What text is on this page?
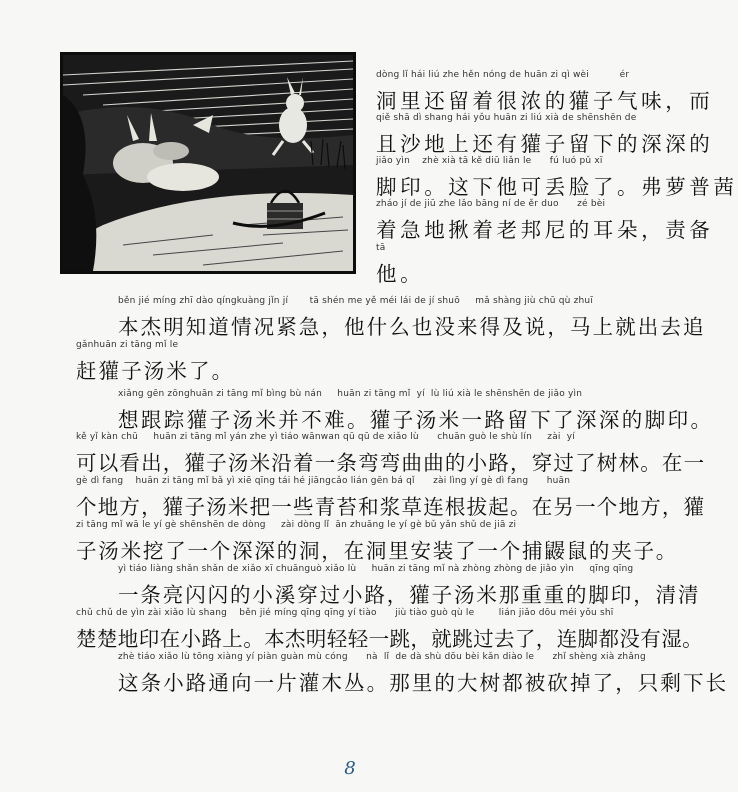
dòng lǐ hái liú zhe hěn nóng de huān zi qì wèi          ér
洞里还留着很浓的獾子气味，而
qiě shā dì shang hái yǒu huān zi liú xià de shēnshēn de
且沙地上还有獾子留下的深深的
jiǎo yìn    zhè xià tā kě diū liǎn le      fú luó pǔ xī
脚印。这下他可丢脸了。弗萝普茜
zháo jí de jiū zhe lǎo bāng ní de ěr duo      zé bèi
着急地揪着老邦尼的耳朵，责备
tā
他。
běn jié míng zhī dào qíngkuàng jǐn jí       tā shén me yě méi lái de jí shuō     mǎ shàng jiù chū qù zhuī
本杰明知道情况紧急，他什么也没来得及说，马上就出去追
gǎnhuān zi tāng mǐ le
赶獾子汤米了。
xiǎng gēn zōnghuān zi tāng mǐ bìng bù nán     huān zi tāng mǐ  yí  lù liú xià le shēnshēn de jiǎo yìn
想跟踪獾子汤米并不难。獾子汤米一路留下了深深的脚印。
kě yǐ kàn chū     huān zi tāng mǐ yán zhe yì tiáo wānwan qū qū de xiǎo lù      chuān guò le shù lín     zài  yí
可以看出，獾子汤米沿着一条弯弯曲曲的小路，穿过了树林。在一
gè dì fang    huān zi tāng mǐ bǎ yì xiē qīng tái hé jiāngcǎo lián gēn bá qǐ      zài lìng yí gè dì fang      huān
个地方，獾子汤米把一些青苔和浆草连根拔起。在另一个地方，獾
zi tāng mǐ wā le yí gè shēnshēn de dòng     zài dòng lǐ  ān zhuāng le yí gè bǔ yǎn shǔ de jiā zi
子汤米挖了一个深深的洞，在洞里安装了一个捕鼹鼠的夹子。
yì tiáo liàng shǎn shǎn de xiǎo xī chuānguò xiǎo lù     huān zi tāng mǐ nà zhòng zhòng de jiǎo yìn     qīng qīng
一条亮闪闪的小溪穿过小路，獾子汤米那重重的脚印，清清
chǔ chǔ de yìn zài xiǎo lù shang    běn jié míng qīng qīng yí tiào      jiù tiào guò qù le        lián jiǎo dōu méi yǒu shī
楚楚地印在小路上。本杰明轻轻一跳，就跳过去了，连脚都没有湿。
zhè tiáo xiǎo lù tōng xiàng yí piàn guàn mù cóng      nà  lǐ  de dà shù dōu bèi kǎn diào le      zhǐ shèng xià zhǎng
这条小路通向一片灌木丛。那里的大树都被砍掉了，只剩下长
8
